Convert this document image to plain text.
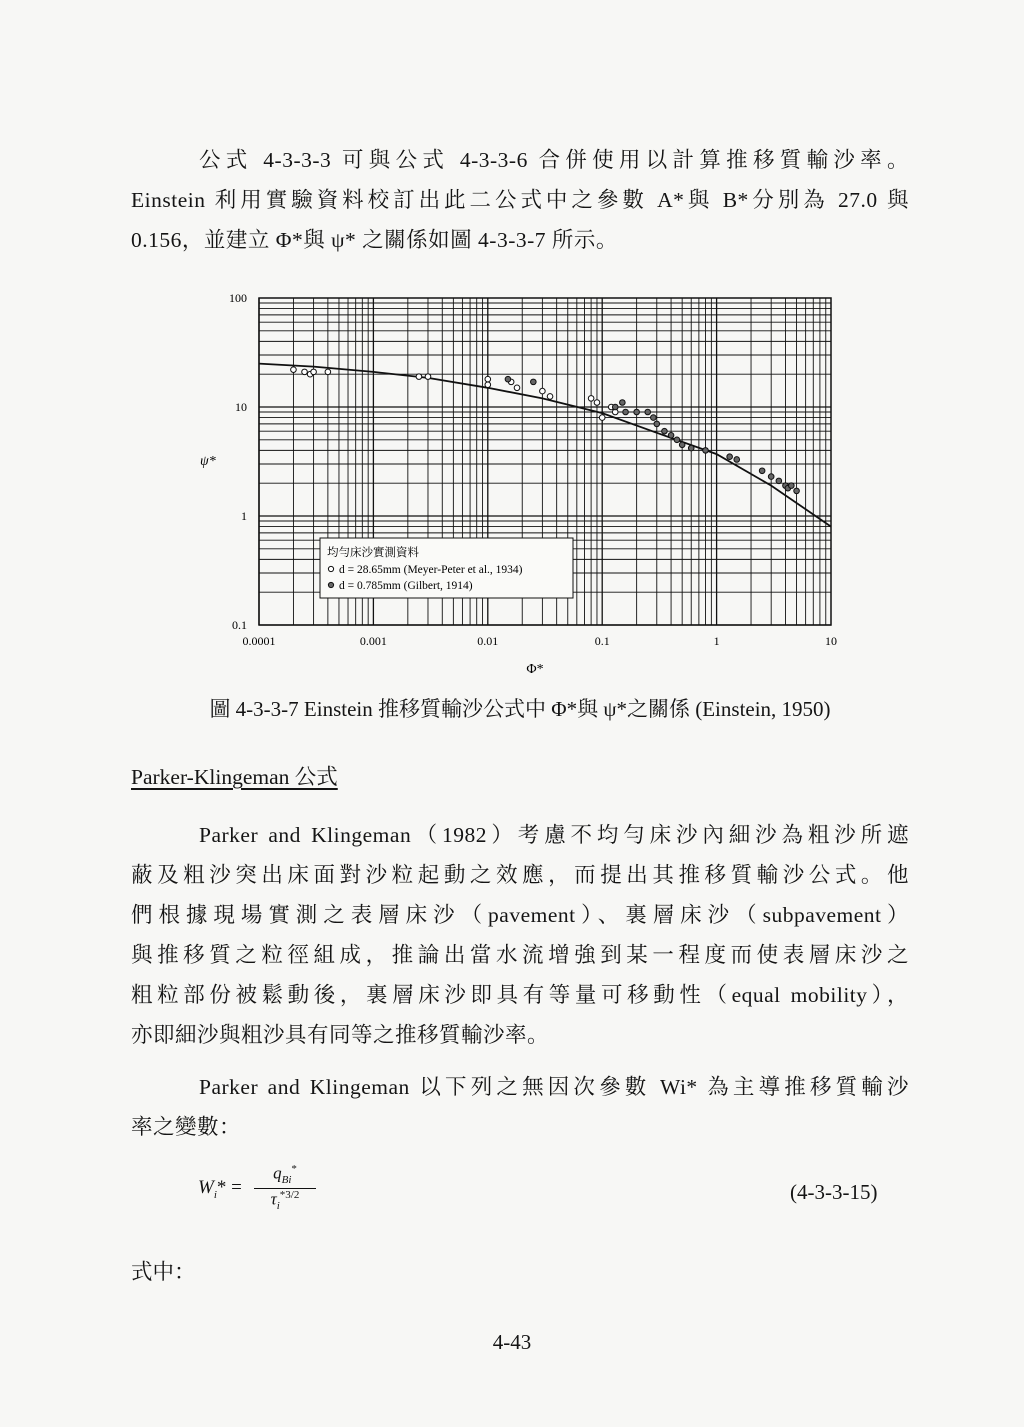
公式 4-3-3-3 可與公式 4-3-3-6 合併使用以計算推移質輸沙率。

Einstein 利用實驗資料校訂出此二公式中之參數 A*與 B*分別為 27.0 與

0.156，並建立 Φ*與 ψ* 之關係如圖 4-3-3-7 所示。

0.0001	0.001	0.01	0.1	1	10
0.1
1
10
100
ψ*
Φ*
均勻床沙實測資料
d = 28.65mm (Meyer-Peter et al., 1934)
d = 0.785mm (Gilbert, 1914)
圖 4-3-3-7 Einstein 推移質輸沙公式中 Φ*與 ψ*之關係 (Einstein, 1950)
Parker-Klingeman 公式

Parker and Klingeman（1982）考慮不均勻床沙內細沙為粗沙所遮

蔽及粗沙突出床面對沙粒起動之效應，而提出其推移質輸沙公式。他

們根據現場實測之表層床沙（pavement）、裏層床沙（subpavement）

與推移質之粒徑組成，推論出當水流增強到某一程度而使表層床沙之

粗粒部份被鬆動後，裏層床沙即具有等量可移動性（equal mobility），

亦即細沙與粗沙具有同等之推移質輸沙率。

Parker and Klingeman 以下列之無因次參數 Wi* 為主導推移質輸沙

率之變數：

$W_i*$ =
$q_{Bi}^*$
$\tau_i^{*3/2}$	(4-3-3-15)
式中：
4-43
